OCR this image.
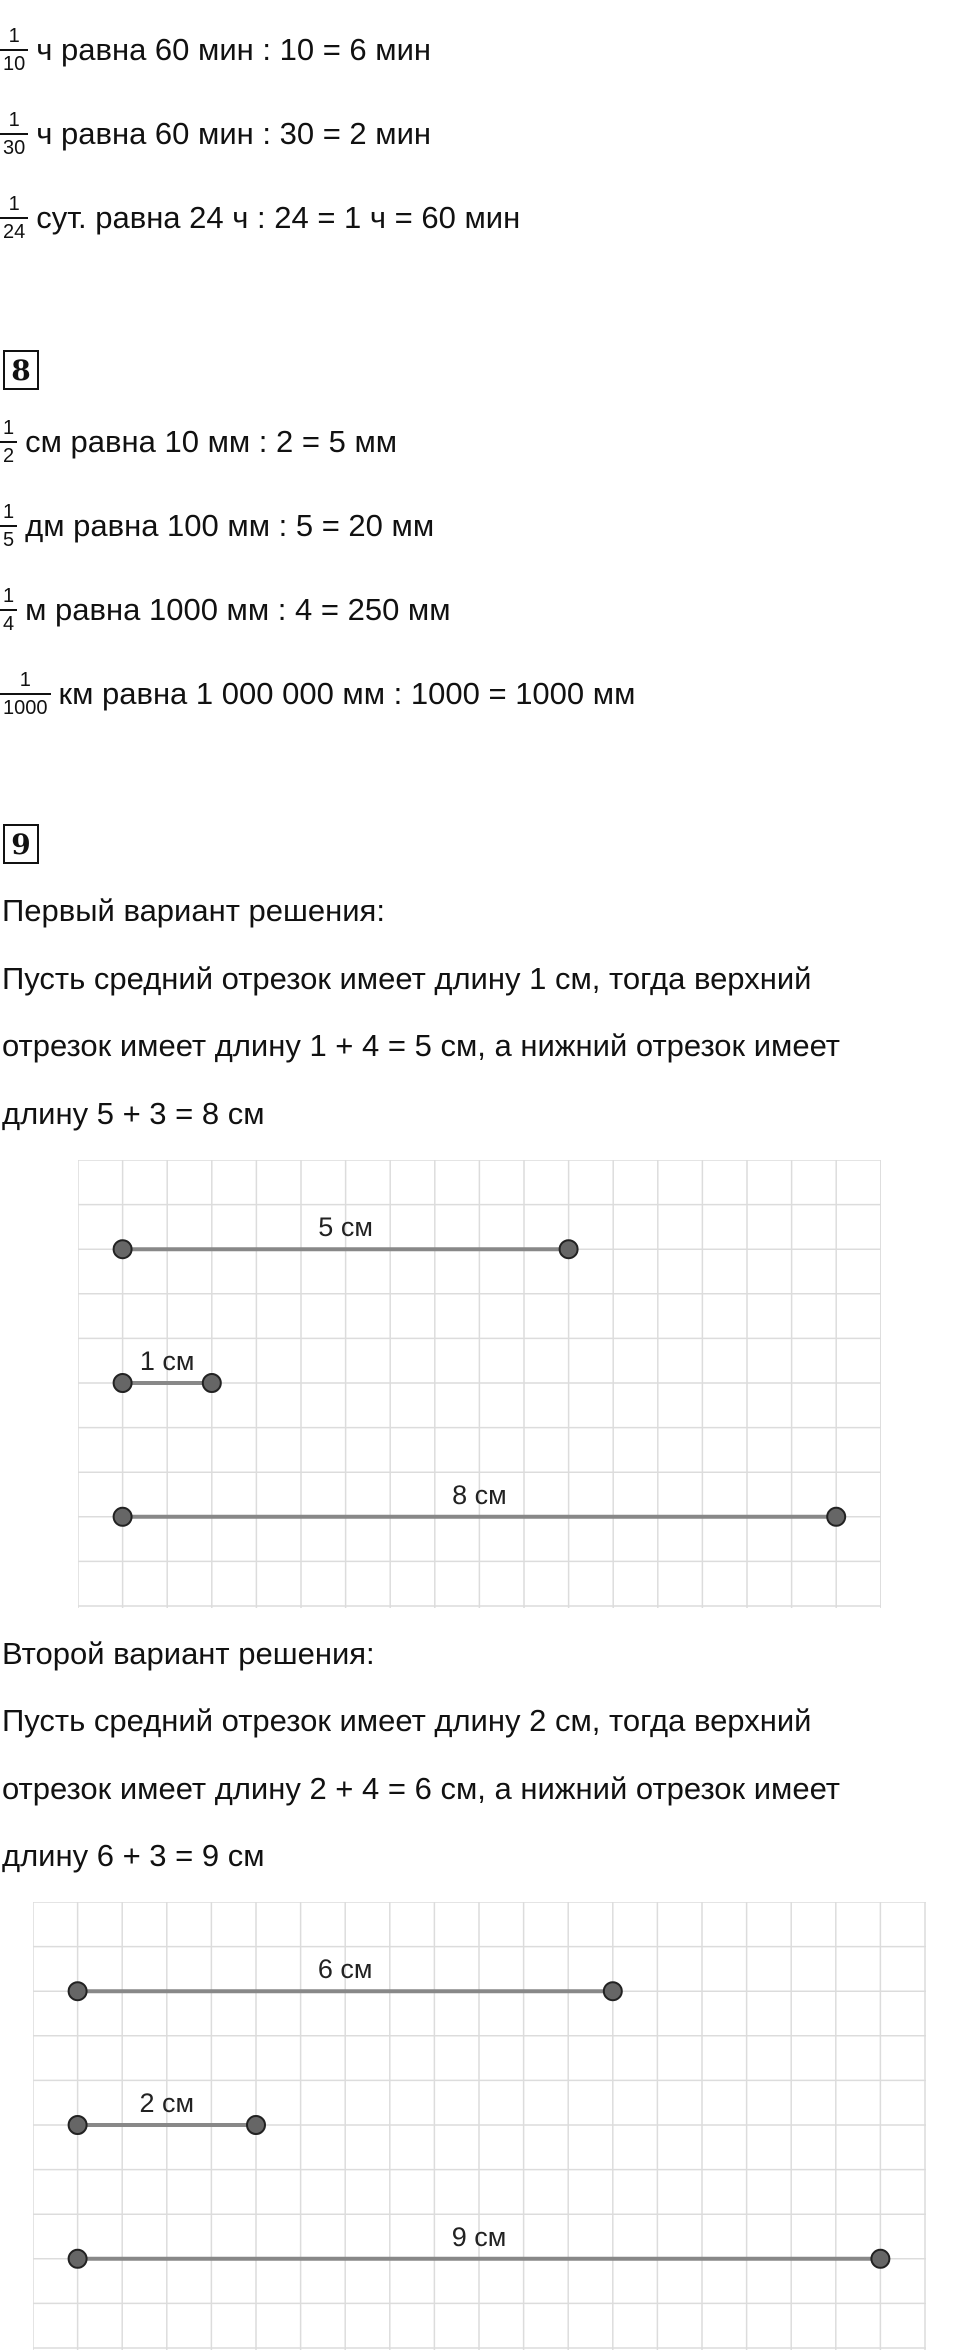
$\frac{1}{10}$ ч равна 60 мин : 10 = 6 мин
$\frac{1}{30}$ ч равна 60 мин : 30 = 2 мин
$\frac{1}{24}$ сут. равна 24 ч : 24 = 1 ч = 60 мин
8
$\frac{1}{2}$ см равна 10 мм : 2 = 5 мм
$\frac{1}{5}$ дм равна 100 мм : 5 = 20 мм
$\frac{1}{4}$ м равна 1000 мм : 4 = 250 мм
$\frac{1}{1000}$ км равна 1 000 000 мм : 1000 = 1000 мм
9
Первый вариант решения:
Пусть средний отрезок имеет длину 1 см, тогда верхний
отрезок имеет длину 1 + 4 = 5 см, а нижний отрезок имеет
длину 5 + 3 = 8 см
5 см
1 см
8 см
Второй вариант решения:
Пусть средний отрезок имеет длину 2 см, тогда верхний
отрезок имеет длину 2 + 4 = 6 см, а нижний отрезок имеет
длину 6 + 3 = 9 см
6 см
2 см
9 см
